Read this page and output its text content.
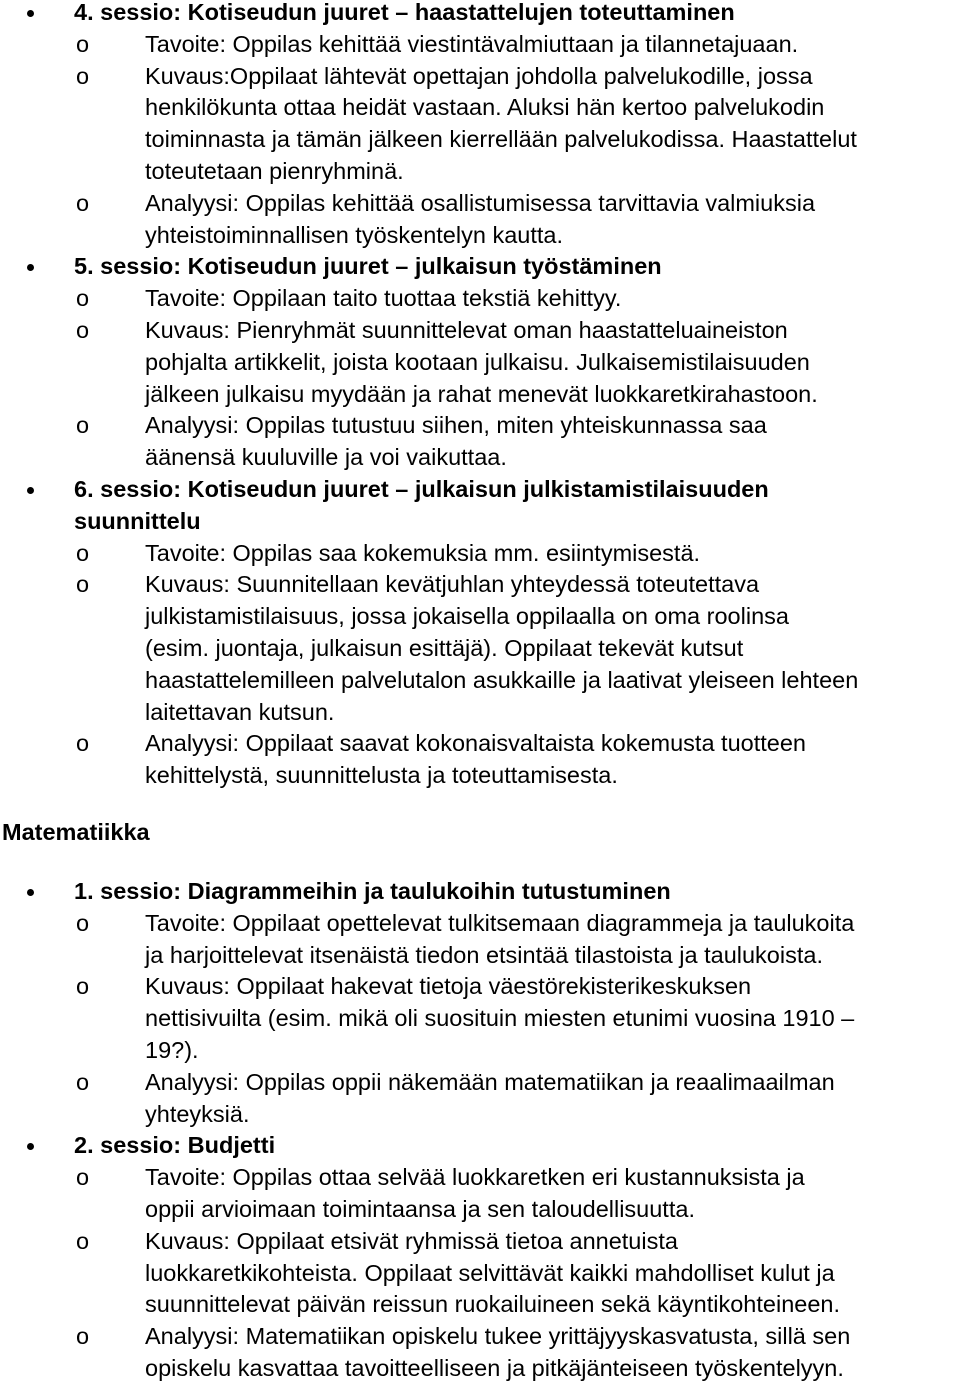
4. sessio: Kotiseudun juuret – haastattelujen toteuttaminen
o Tavoite: Oppilas kehittää viestintävalmiuttaan ja tilannetajuaan.
o Kuvaus:Oppilaat lähtevät opettajan johdolla palvelukodille, jossa
henkilökunta ottaa heidät vastaan. Aluksi hän kertoo palvelukodin
toiminnasta ja tämän jälkeen kierrellään palvelukodissa. Haastattelut
toteutetaan pienryhminä.
o Analyysi: Oppilas kehittää osallistumisessa tarvittavia valmiuksia
yhteistoiminnallisen työskentelyn kautta.
5. sessio: Kotiseudun juuret – julkaisun työstäminen
o Tavoite: Oppilaan taito tuottaa tekstiä kehittyy.
o Kuvaus: Pienryhmät suunnittelevat oman haastatteluaineiston
pohjalta artikkelit, joista kootaan julkaisu. Julkaisemistilaisuuden
jälkeen julkaisu myydään ja rahat menevät luokkaretkirahastoon.
o Analyysi: Oppilas tutustuu siihen, miten yhteiskunnassa saa
äänensä kuuluville ja voi vaikuttaa.
6. sessio: Kotiseudun juuret – julkaisun julkistamistilaisuuden
suunnittelu
o Tavoite: Oppilas saa kokemuksia mm. esiintymisestä.
o Kuvaus: Suunnitellaan kevätjuhlan yhteydessä toteutettava
julkistamistilaisuus, jossa jokaisella oppilaalla on oma roolinsa
(esim. juontaja, julkaisun esittäjä). Oppilaat tekevät kutsut
haastattelemilleen palvelutalon asukkaille ja laativat yleiseen lehteen
laitettavan kutsun.
o Analyysi: Oppilaat saavat kokonaisvaltaista kokemusta tuotteen
kehittelystä, suunnittelusta ja toteuttamisesta.
Matematiikka
1. sessio: Diagrammeihin ja taulukoihin tutustuminen
o Tavoite: Oppilaat opettelevat tulkitsemaan diagrammeja ja taulukoita
ja harjoittelevat itsenäistä tiedon etsintää tilastoista ja taulukoista.
o Kuvaus: Oppilaat hakevat tietoja väestörekisterikeskuksen
nettisivuilta (esim. mikä oli suosituin miesten etunimi vuosina 1910 –
19?).
o Analyysi: Oppilas oppii näkemään matematiikan ja reaalimaailman
yhteyksiä.
2. sessio: Budjetti
o Tavoite: Oppilas ottaa selvää luokkaretken eri kustannuksista ja
oppii arvioimaan toimintaansa ja sen taloudellisuutta.
o Kuvaus: Oppilaat etsivät ryhmissä tietoa annetuista
luokkaretkikohteista. Oppilaat selvittävät kaikki mahdolliset kulut ja
suunnittelevat päivän reissun ruokailuineen sekä käyntikohteineen.
o Analyysi: Matematiikan opiskelu tukee yrittäjyyskasvatusta, sillä sen
opiskelu kasvattaa tavoitteelliseen ja pitkäjänteiseen työskentelyyn.
